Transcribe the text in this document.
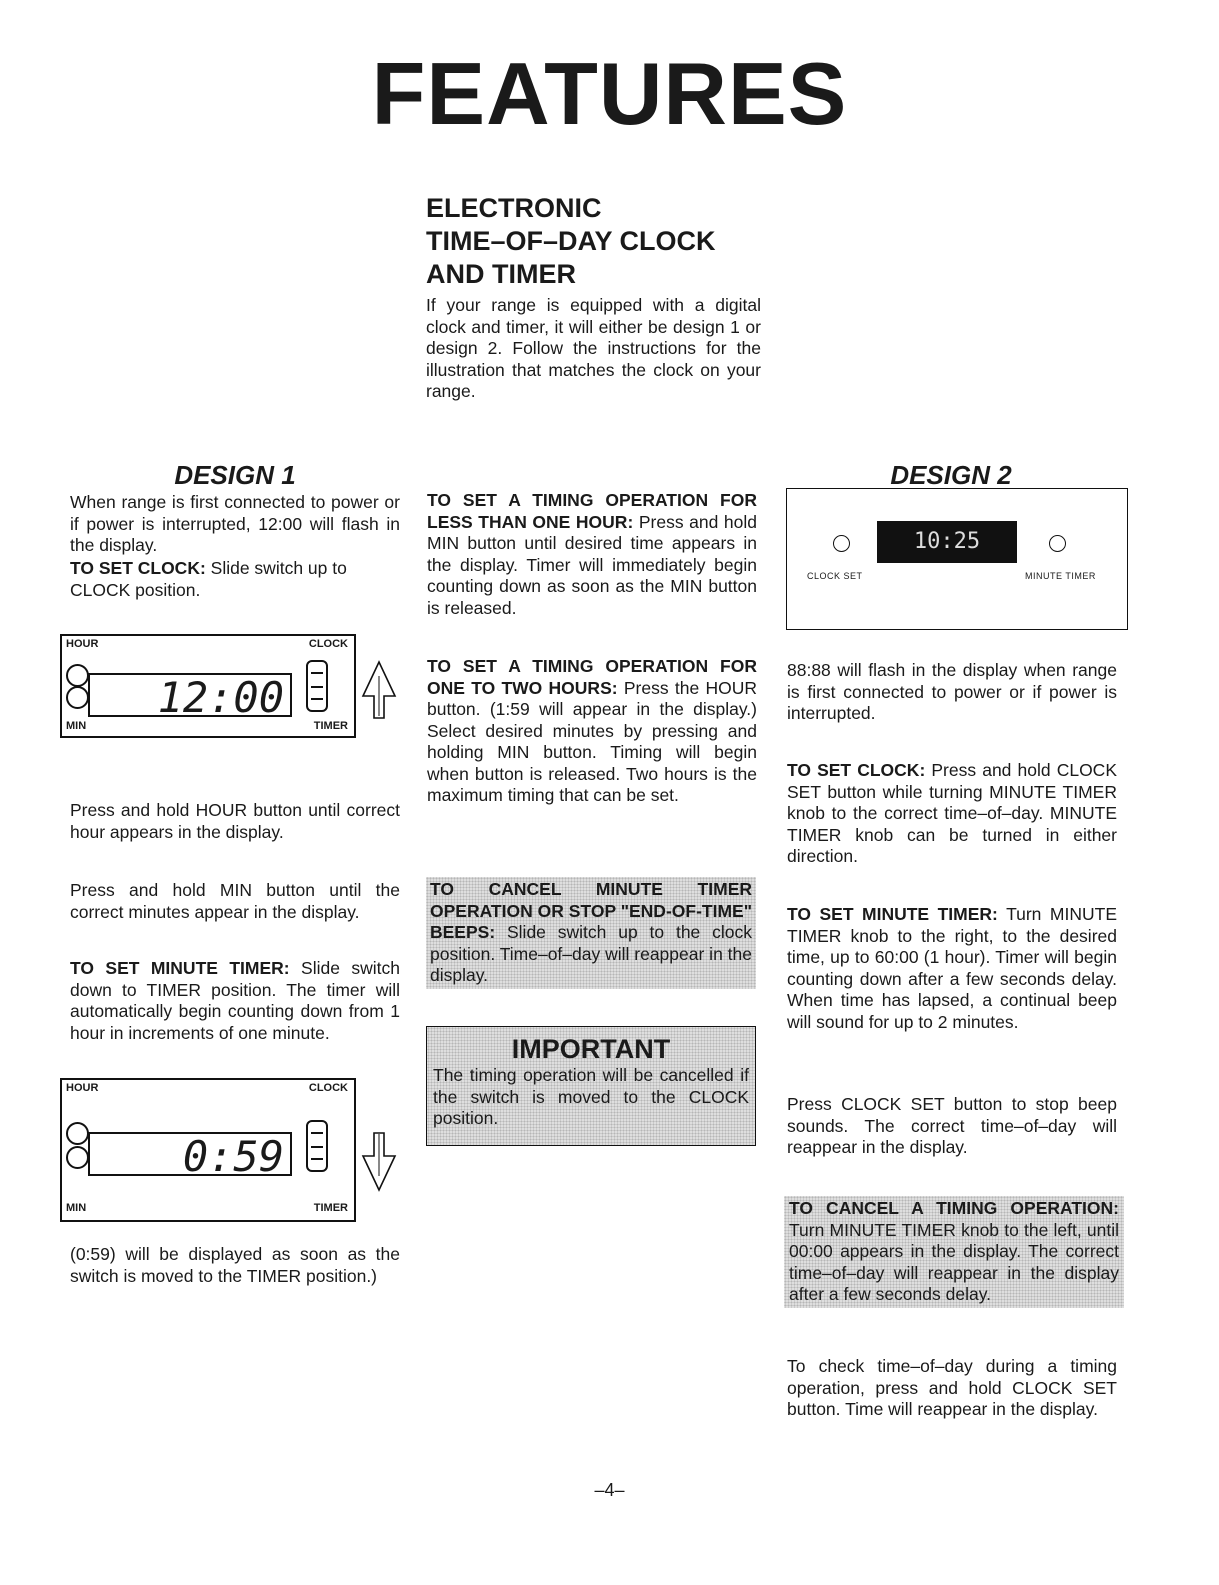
FEATURES
ELECTRONIC
TIME–OF–DAY CLOCK
AND TIMER
If your range is equipped with a digital clock and timer, it will either be design 1 or design 2. Follow the instructions for the illustration that matches the clock on your range.
DESIGN 1
When range is first connected to power or if power is interrupted, 12:00 will flash in the display.
TO SET CLOCK: Slide switch up to CLOCK position.
HOUR	CLOCK
12:00
MIN	TIMER
Press and hold HOUR button until correct hour appears in the display.
Press and hold MIN button until the correct minutes appear in the display.
TO SET MINUTE TIMER: Slide switch down to TIMER position. The timer will automatically begin counting down from 1 hour in increments of one minute.
HOUR	CLOCK
0:59
MIN	TIMER
(0:59) will be displayed as soon as the switch is moved to the TIMER position.)
TO SET A TIMING OPERATION FOR LESS THAN ONE HOUR: Press and hold MIN button until desired time appears in the display. Timer will immediately begin counting down as soon as the MIN button is released.
TO SET A TIMING OPERATION FOR ONE TO TWO HOURS: Press the HOUR button. (1:59 will appear in the display.) Select desired minutes by pressing and holding MIN button. Timing will begin when button is released. Two hours is the maximum timing that can be set.
TO CANCEL MINUTE TIMER OPERATION OR STOP "END-OF-TIME" BEEPS: Slide switch up to the clock position. Time–of–day will reappear in the display.
IMPORTANT
The timing operation will be cancelled if the switch is moved to the CLOCK position.
DESIGN 2
10:25
CLOCK SET	MINUTE TIMER
88:88 will flash in the display when range is first connected to power or if power is interrupted.
TO SET CLOCK: Press and hold CLOCK SET button while turning MINUTE TIMER knob to the correct time–of–day. MINUTE TIMER knob can be turned in either direction.
TO SET MINUTE TIMER: Turn MINUTE TIMER knob to the right, to the desired time, up to 60:00 (1 hour). Timer will begin counting down after a few seconds delay. When time has lapsed, a continual beep will sound for up to 2 minutes.
Press CLOCK SET button to stop beep sounds. The correct time–of–day will reappear in the display.
TO CANCEL A TIMING OPERATION: Turn MINUTE TIMER knob to the left, until 00:00 appears in the display. The correct time–of–day will reappear in the display after a few seconds delay.
To check time–of–day during a timing operation, press and hold CLOCK SET button. Time will reappear in the display.
–4–
